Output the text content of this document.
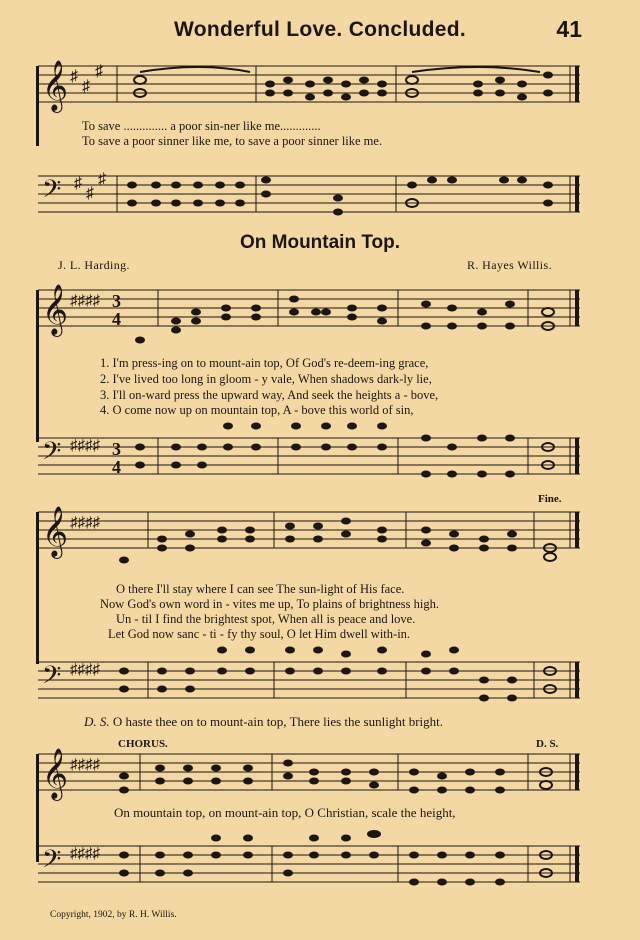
Wonderful Love. Concluded.	41
𝄞 ♯
♯
♯
To save .............. a poor sin-ner like me.............
To save a poor sinner like me, to save a poor sinner like me.
𝄢 ♯
♯
♯
On Mountain Top.
J. L. Harding.	R. Hayes Willis.
𝄞 ♯♯♯♯ 3
4
1. I'm press-ing on to mount-ain top, Of God's re-deem-ing grace,
2. I've lived too long in gloom - y vale, When shadows dark-ly lie,
3. I'll on-ward press the upward way, And seek the heights a - bove,
4. O come now up on mountain top, A - bove this world of sin,
𝄢 ♯♯♯♯ 3
4
Fine.
𝄞 ♯♯♯♯
O there I'll stay where I can see The sun-light of His face.
Now God's own word in - vites me up, To plains of brightness high.
Un - til I find the brightest spot, When all is peace and love.
Let God now sanc - ti - fy thy soul, O let Him dwell with-in.
𝄢 ♯♯♯♯
D. S. O haste thee on to mount-ain top, There lies the sunlight bright.
CHORUS.	D. S.
𝄞 ♯♯♯♯
On mountain top, on mount-ain top, O Christian, scale the height,
𝄢 ♯♯♯♯
Copyright, 1902, by R. H. Willis.
